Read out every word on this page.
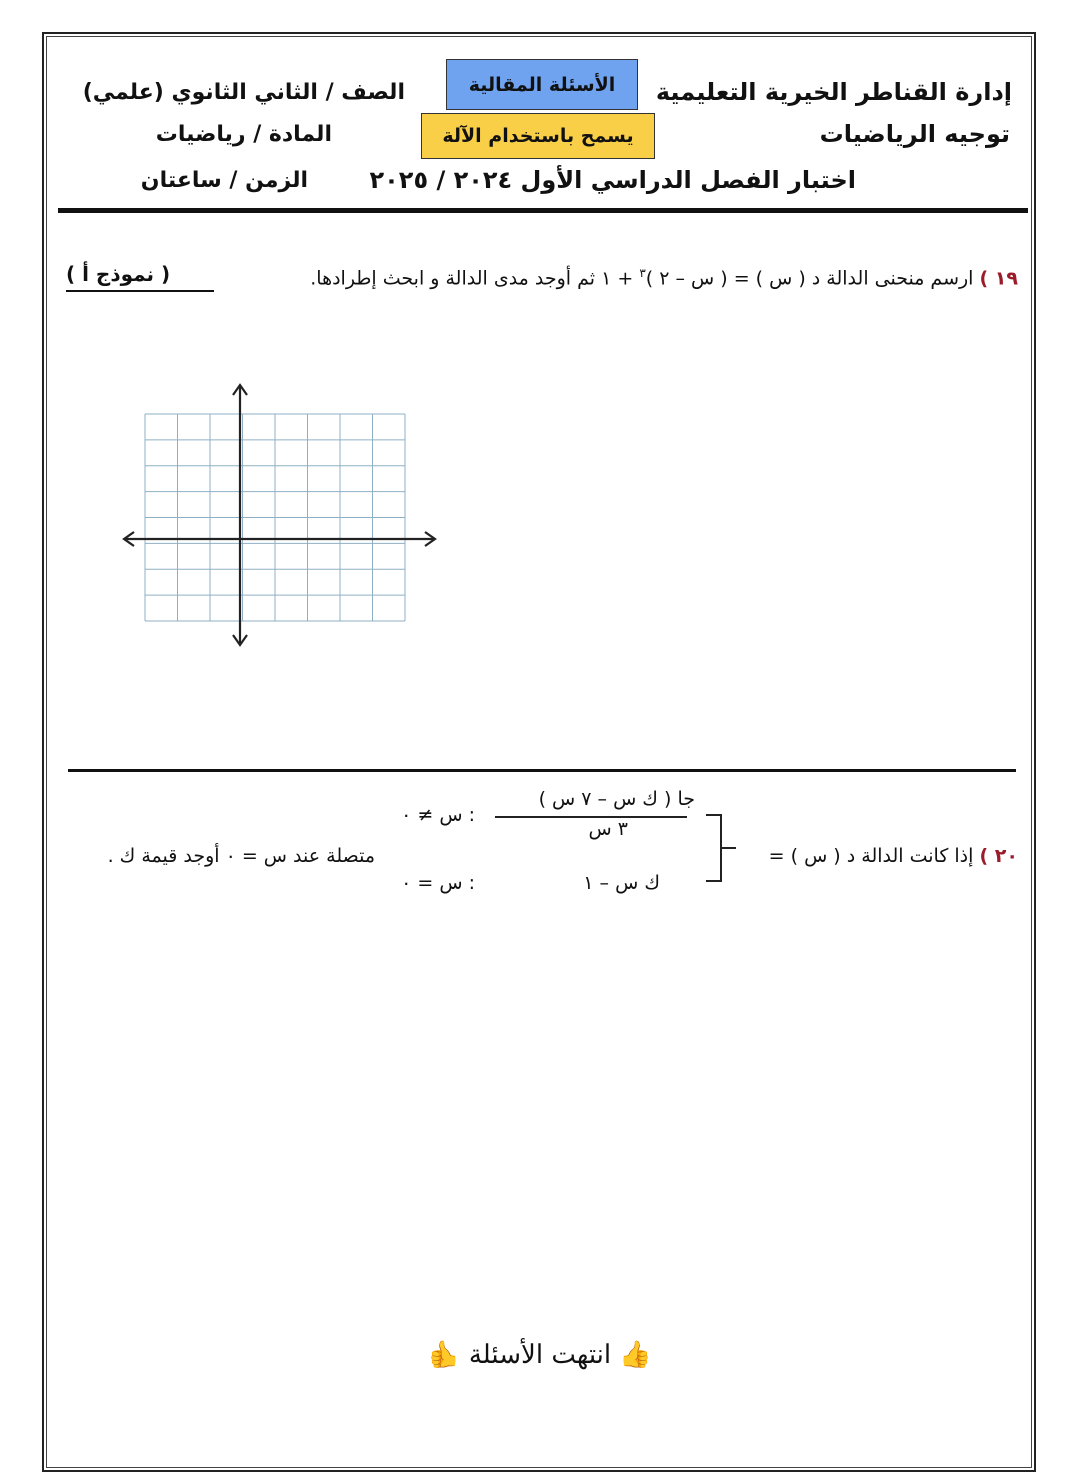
إدارة القناطر الخيرية التعليمية
توجيه الرياضيات
اختبار الفصل الدراسي الأول ٢٠٢٤ / ٢٠٢٥
الأسئلة المقالية
يسمح باستخدام الآلة
الصف / الثاني الثانوي (علمي)
المادة / رياضيات
الزمن / ساعتان
١٩ ) ارسم منحنى الدالة د ( س ) = ( س – ٢ )$^٣$ + ١ ثم أوجد مدى الدالة و ابحث إطرادها.
( نموذج أ )
٢٠ ) إذا كانت الدالة د ( س ) =
جا ( ك س – ٧ س )
٣ س
: س ≠ ٠
ك س – ١
: س = ٠
متصلة عند س = ٠ أوجد قيمة ك .
👍 انتهت الأسئلة 👍
